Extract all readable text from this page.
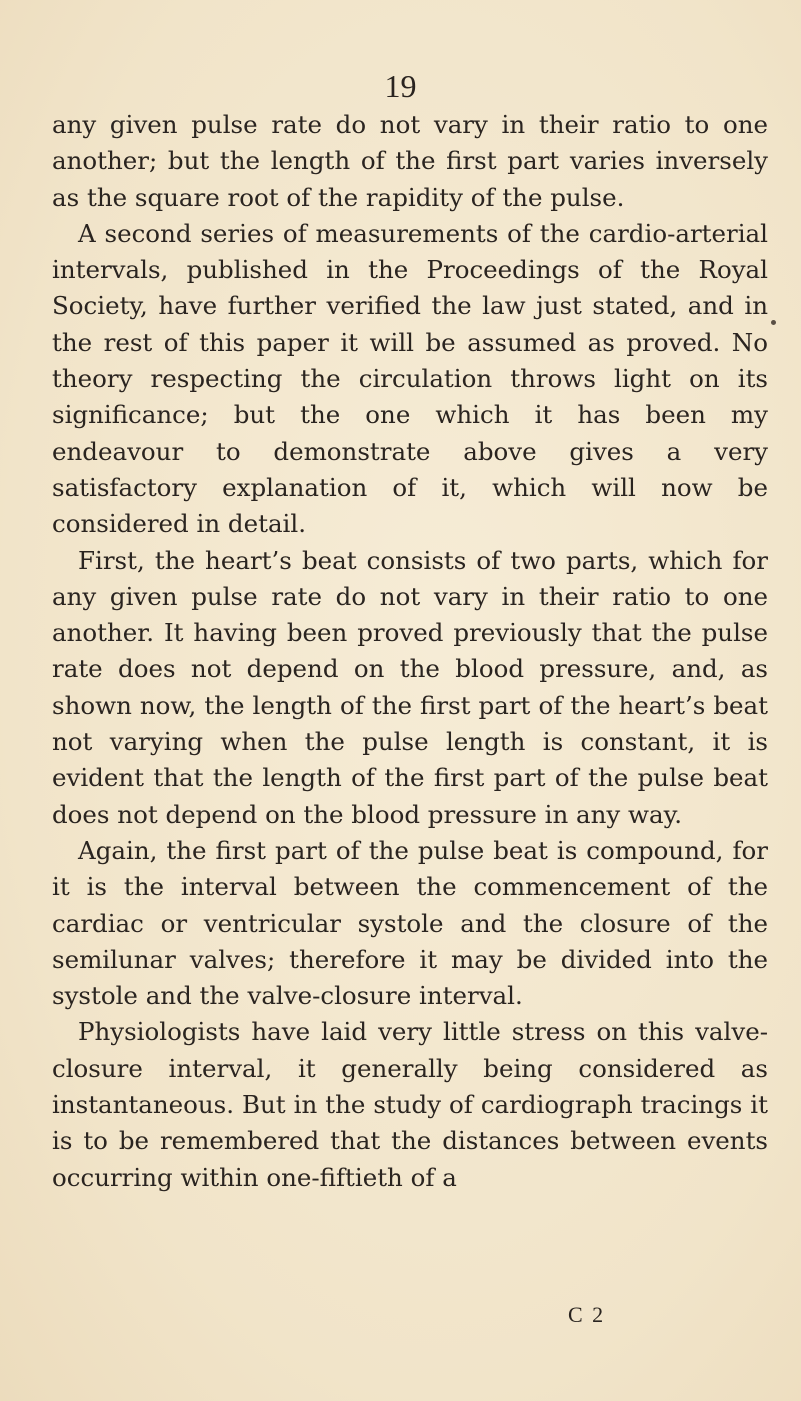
19

any given pulse rate do not vary in their ratio to one another; but the length of the first part varies inversely as the square root of the rapidity of the pulse.

A second series of measurements of the cardio-arterial intervals, published in the Proceedings of the Royal Society, have further verified the law just stated, and in the rest of this paper it will be assumed as proved. No theory respecting the circulation throws light on its significance; but the one which it has been my endeavour to demonstrate above gives a very satisfactory explanation of it, which will now be considered in detail.

First, the heart’s beat consists of two parts, which for any given pulse rate do not vary in their ratio to one another. It having been proved previously that the pulse rate does not depend on the blood pressure, and, as shown now, the length of the first part of the heart’s beat not varying when the pulse length is constant, it is evident that the length of the first part of the pulse beat does not depend on the blood pressure in any way.

Again, the first part of the pulse beat is compound, for it is the interval between the commencement of the cardiac or ventricular systole and the closure of the semilunar valves; therefore it may be divided into the systole and the valve-closure interval.

Physiologists have laid very little stress on this valve-closure interval, it generally being considered as instantaneous. But in the study of cardiograph tracings it is to be remembered that the distances between events occurring within one-fiftieth of a

C 2
